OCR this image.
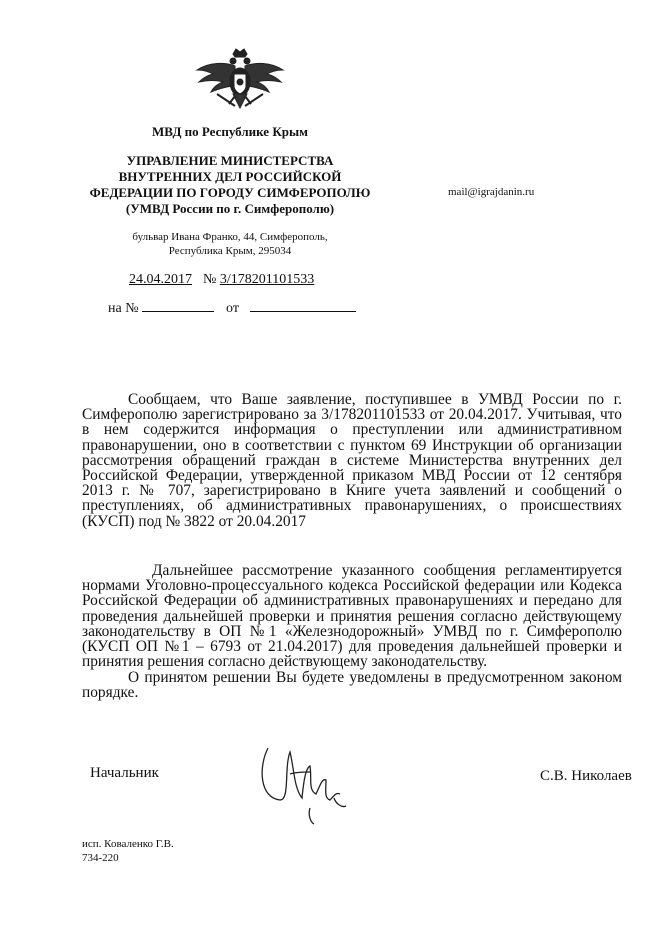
МВД по Республике Крым
УПРАВЛЕНИЕ МИНИСТЕРСТВА
ВНУТРЕННИХ ДЕЛ РОССИЙСКОЙ
ФЕДЕРАЦИИ ПО ГОРОДУ СИМФЕРОПОЛЮ
(УМВД России по г. Симферополю)
бульвар Ивана Франко, 44, Симферополь,
Республика Крым, 295034
mail@igrajdanin.ru
24.04.2017 № 3/178201101533
на №	от
Сообщаем, что Ваше заявление, поступившее в УМВД России по г. Симферополю зарегистрировано за 3/178201101533 от 20.04.2017. Учитывая, что в нем содержится информация о преступлении или административном правонарушении, оно в соответствии с пунктом 69 Инструкции об организации рассмотрения обращений граждан в системе Министерства внутренних дел Российской Федерации, утвержденной приказом МВД России от 12 сентября 2013 г. № 707, зарегистрировано в Книге учета заявлений и сообщений о преступлениях, об административных правонарушениях, о происшествиях (КУСП) под № 3822 от 20.04.2017
Дальнейшее рассмотрение указанного сообщения регламентируется нормами Уголовно-процессуального кодекса Российской федерации или Кодекса Российской Федерации об административных правонарушениях и передано для проведения дальнейшей проверки и принятия решения согласно действующему законодательству в ОП №1 «Железнодорожный» УМВД по г. Симферополю (КУСП ОП №1 – 6793 от 21.04.2017) для проведения дальнейшей проверки и принятия решения согласно действующему законодательству.
О принятом решении Вы будете уведомлены в предусмотренном законом порядке.
Начальник	С.В. Николаев
исп. Коваленко Г.В.
734-220
